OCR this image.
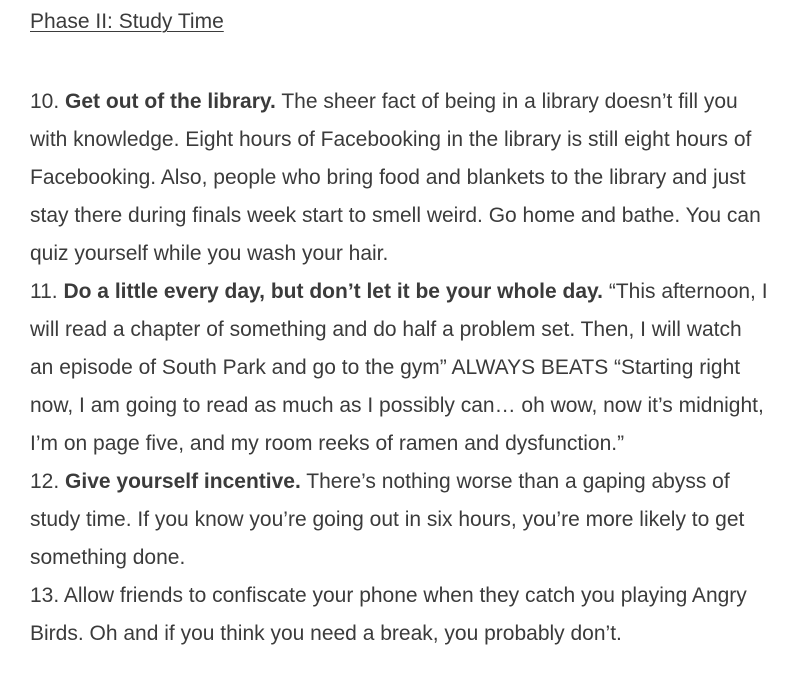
Phase II: Study Time

10. Get out of the library. The sheer fact of being in a library doesn’t fill you with knowledge. Eight hours of Facebooking in the library is still eight hours of Facebooking. Also, people who bring food and blankets to the library and just stay there during finals week start to smell weird. Go home and bathe. You can quiz yourself while you wash your hair.

11. Do a little every day, but don’t let it be your whole day. “This afternoon, I will read a chapter of something and do half a problem set. Then, I will watch an episode of South Park and go to the gym” ALWAYS BEATS “Starting right now, I am going to read as much as I possibly can… oh wow, now it’s midnight, I’m on page five, and my room reeks of ramen and dysfunction.”

12. Give yourself incentive. There’s nothing worse than a gaping abyss of study time. If you know you’re going out in six hours, you’re more likely to get something done.

13. Allow friends to confiscate your phone when they catch you playing Angry Birds. Oh and if you think you need a break, you probably don’t.
